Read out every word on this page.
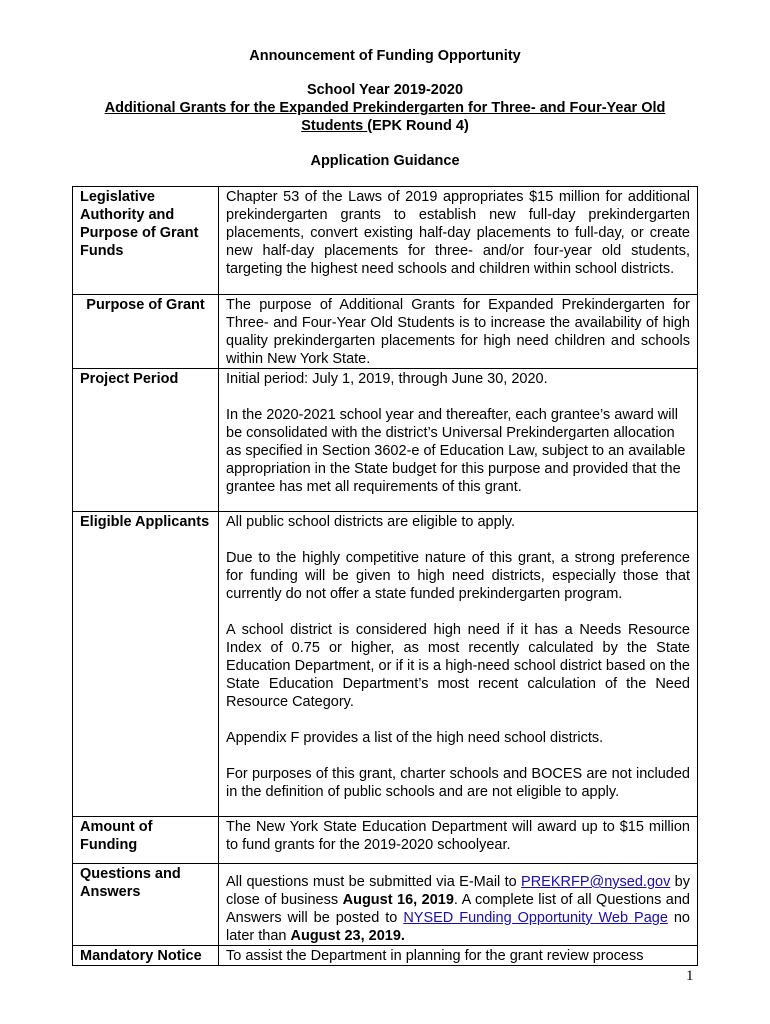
Announcement of Funding Opportunity
School Year 2019-2020
Additional Grants for the Expanded Prekindergarten for Three- and Four-Year Old
Students (EPK Round 4)
Application Guidance
Legislative Authority and Purpose of Grant Funds	Chapter 53 of the Laws of 2019 appropriates $15 million for additional prekindergarten grants to establish new full-day prekindergarten placements, convert existing half-day placements to full-day, or create new half-day placements for three- and/or four-year old students, targeting the highest need schools and children within school districts.
Purpose of Grant	The purpose of Additional Grants for Expanded Prekindergarten for Three- and Four-Year Old Students is to increase the availability of high quality prekindergarten placements for high need children and schools within New York State.
Project Period	Initial period: July 1, 2019, through June 30, 2020.

In the 2020-2021 school year and thereafter, each grantee’s award will be consolidated with the district’s Universal Prekindergarten allocation as specified in Section 3602-e of Education Law, subject to an available appropriation in the State budget for this purpose and provided that the grantee has met all requirements of this grant.

Eligible Applicants	All public school districts are eligible to apply.

Due to the highly competitive nature of this grant, a strong preference for funding will be given to high need districts, especially those that currently do not offer a state funded prekindergarten program.

A school district is considered high need if it has a Needs Resource Index of 0.75 or higher, as most recently calculated by the State Education Department, or if it is a high-need school district based on the State Education Department’s most recent calculation of the Need Resource Category.

Appendix F provides a list of the high need school districts.

For purposes of this grant, charter schools and BOCES are not included in the definition of public schools and are not eligible to apply.

Amount of Funding	The New York State Education Department will award up to $15 million to fund grants for the 2019-2020 schoolyear.
Questions and Answers	All questions must be submitted via E-Mail to PREKRFP@nysed.gov by close of business August 16, 2019. A complete list of all Questions and Answers will be posted to NYSED Funding Opportunity Web Page no later than August 23, 2019.
Mandatory Notice	To assist the Department in planning for the grant review process
1
